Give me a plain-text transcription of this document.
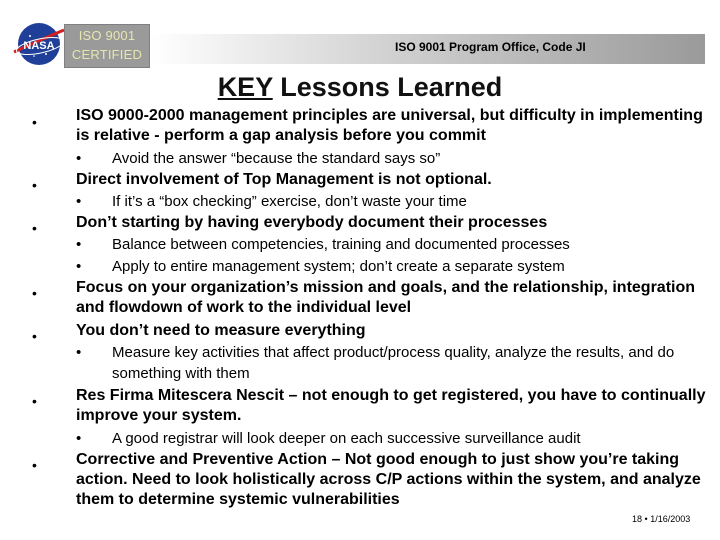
NASA
ISO 9001
CERTIFIED	ISO 9001 Program Office, Code JI
KEY Lessons Learned
• ISO 9000-2000 management principles are universal, but difficulty in implementing is relative - perform a gap analysis before you commit
• Avoid the answer “because the standard says so”
• Direct involvement of Top Management is not optional.
• If it’s a “box checking” exercise, don’t waste your time
• Don’t starting by having everybody document their processes
• Balance between competencies, training and documented processes
• Apply to entire management system; don’t create a separate system
• Focus on your organization’s mission and goals, and the relationship, integration and flowdown of work to the individual level
• You don’t need to measure everything
• Measure key activities that affect product/process quality, analyze the results, and do something with them
• Res Firma Mitescera Nescit – not enough to get registered, you have to continually improve your system.
• A good registrar will look deeper on each successive surveillance audit
• Corrective and Preventive Action – Not good enough to just show you’re taking action. Need to look holistically across C/P actions within the system, and analyze them to determine systemic vulnerabilities
18 • 1/16/2003
